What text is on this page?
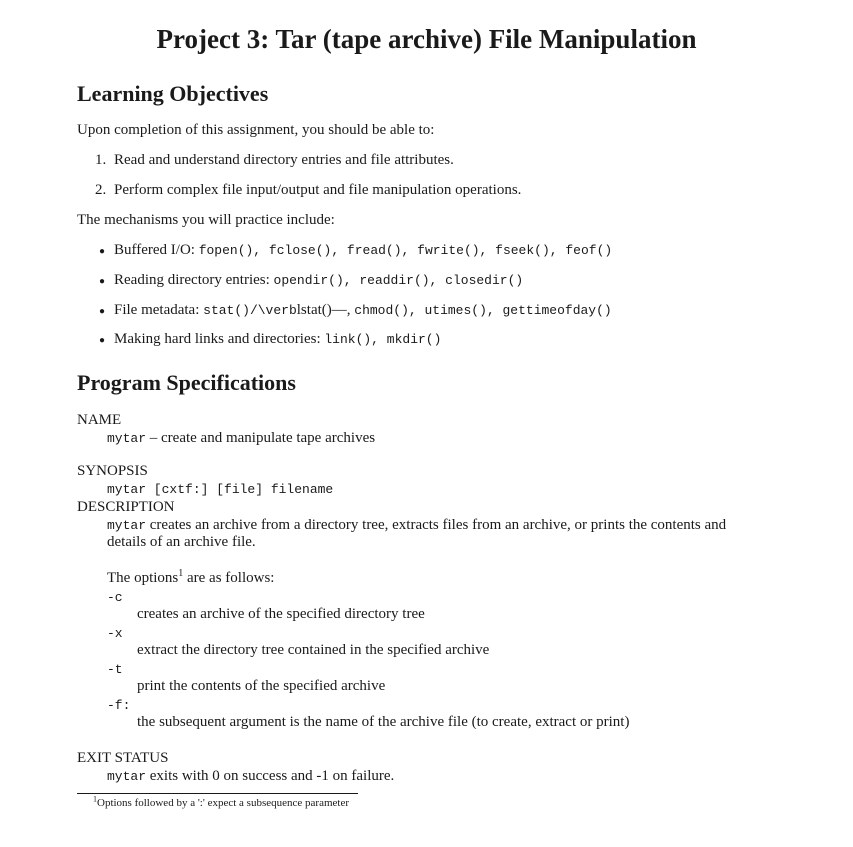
Project 3: Tar (tape archive) File Manipulation
Learning Objectives
Upon completion of this assignment, you should be able to:
1. Read and understand directory entries and file attributes.
2. Perform complex file input/output and file manipulation operations.
The mechanisms you will practice include:
● Buffered I/O: fopen(), fclose(), fread(), fwrite(), fseek(), feof()
● Reading directory entries: opendir(), readdir(), closedir()
● File metadata: stat()/\verblstat()—, chmod(), utimes(), gettimeofday()
● Making hard links and directories: link(), mkdir()
Program Specifications
NAME
mytar – create and manipulate tape archives
SYNOPSIS
mytar [cxtf:] [file] filename
DESCRIPTION
mytar creates an archive from a directory tree, extracts files from an archive, or prints the contents and
details of an archive file.
The options$^1$ are as follows:
-c
creates an archive of the specified directory tree
-x
extract the directory tree contained in the specified archive
-t
print the contents of the specified archive
-f:
the subsequent argument is the name of the archive file (to create, extract or print)
EXIT STATUS
mytar exits with 0 on success and -1 on failure.
$^1$Options followed by a ':' expect a subsequence parameter
